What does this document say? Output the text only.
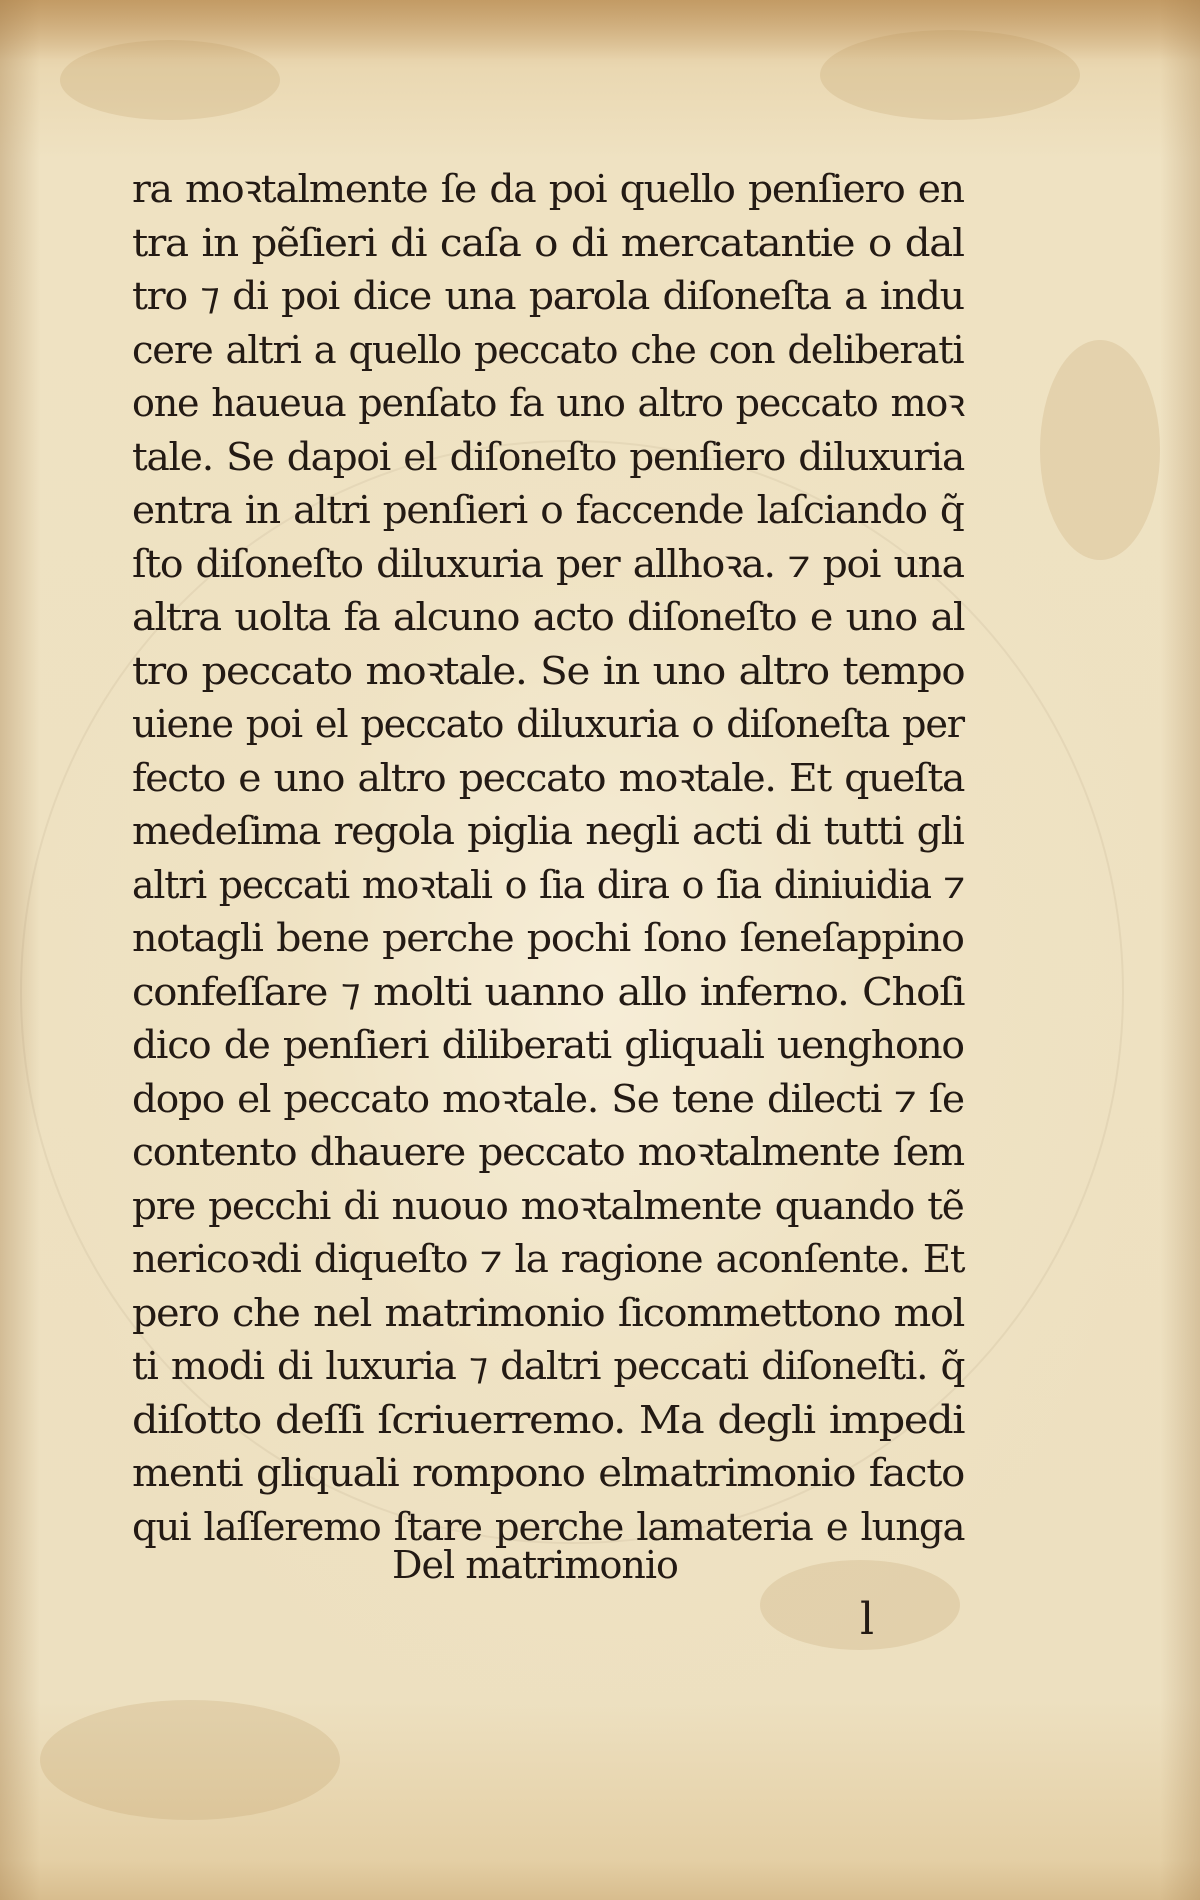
ra moꝛtalmente ſe da poi quello penſiero en
tra in pẽſieri di caſa o di mercatantie o dal
tro ⁊ di poi dice una parola diſoneſta a indu
cere altri a quello peccato che con deliberati
one haueua penſato fa uno altro peccato moꝛ
tale. Se dapoi el diſoneſto penſiero diluxuria
entra in altri penſieri o faccende laſciando q̃
ſto diſoneſto diluxuria per allhoꝛa. ⁊ poi una
altra uolta fa alcuno acto diſoneſto e uno al
tro peccato moꝛtale. Se in uno altro tempo
uiene poi el peccato diluxuria o diſoneſta per
fecto e uno altro peccato moꝛtale. Et queſta
medeſima regola piglia negli acti di tutti gli
altri peccati moꝛtali o ſia dira o ſia diniuidia ⁊
notagli bene perche pochi ſono ſeneſappino
confeſſare ⁊ molti uanno allo inferno. Choſi
dico de penſieri diliberati gliquali uenghono
dopo el peccato moꝛtale. Se tene dilecti ⁊ ſe
contento dhauere peccato moꝛtalmente ſem
pre pecchi di nuouo moꝛtalmente quando tẽ
nericoꝛdi diqueſto ⁊ la ragione aconſente. Et
pero che nel matrimonio ſicommettono mol
ti modi di luxuria ⁊ daltri peccati diſoneſti. q̃
diſotto deſſi ſcriuerremo. Ma degli impedi
menti gliquali rompono elmatrimonio facto
qui laſſeremo ſtare perche lamateria e lunga
Del matrimonio
l
